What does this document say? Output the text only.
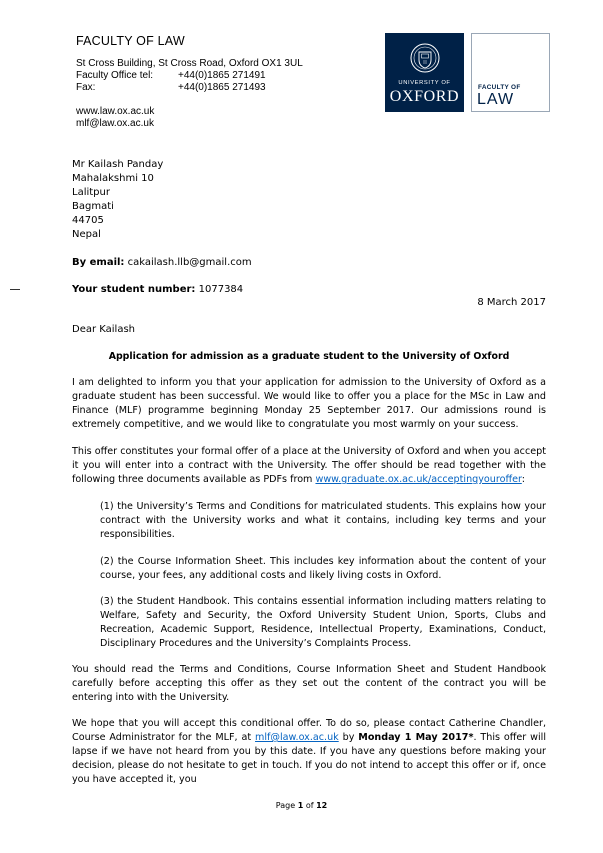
FACULTY OF LAW
St Cross Building, St Cross Road, Oxford OX1 3UL
Faculty Office tel: +44(0)1865 271491
Fax:	+44(0)1865 271493
www.law.ox.ac.uk
mlf@law.ox.ac.uk
UNIVERSITY OF
OXFORD
FACULTY OF
LAW
Mr Kailash Panday
Mahalakshmi 10
Lalitpur
Bagmati
44705
Nepal
By email: cakailash.llb@gmail.com
Your student number: 1077384
8 March 2017
Dear Kailash
Application for admission as a graduate student to the University of Oxford
I am delighted to inform you that your application for admission to the University of Oxford as a graduate student has been successful. We would like to offer you a place for the MSc in Law and Finance (MLF) programme beginning Monday 25 September 2017. Our admissions round is extremely competitive, and we would like to congratulate you most warmly on your success.
This offer constitutes your formal offer of a place at the University of Oxford and when you accept it you will enter into a contract with the University. The offer should be read together with the following three documents available as PDFs from www.graduate.ox.ac.uk/acceptingyouroffer:
(1) the University’s Terms and Conditions for matriculated students. This explains how your contract with the University works and what it contains, including key terms and your responsibilities.
(2) the Course Information Sheet. This includes key information about the content of your course, your fees, any additional costs and likely living costs in Oxford.
(3) the Student Handbook. This contains essential information including matters relating to Welfare, Safety and Security, the Oxford University Student Union, Sports, Clubs and Recreation, Academic Support, Residence, Intellectual Property, Examinations, Conduct, Disciplinary Procedures and the University’s Complaints Process.
You should read the Terms and Conditions, Course Information Sheet and Student Handbook carefully before accepting this offer as they set out the content of the contract you will be entering into with the University.
We hope that you will accept this conditional offer. To do so, please contact Catherine Chandler, Course Administrator for the MLF, at mlf@law.ox.ac.uk by Monday 1 May 2017*. This offer will lapse if we have not heard from you by this date. If you have any questions before making your decision, please do not hesitate to get in touch. If you do not intend to accept this offer or if, once you have accepted it, you
Page 1 of 12
